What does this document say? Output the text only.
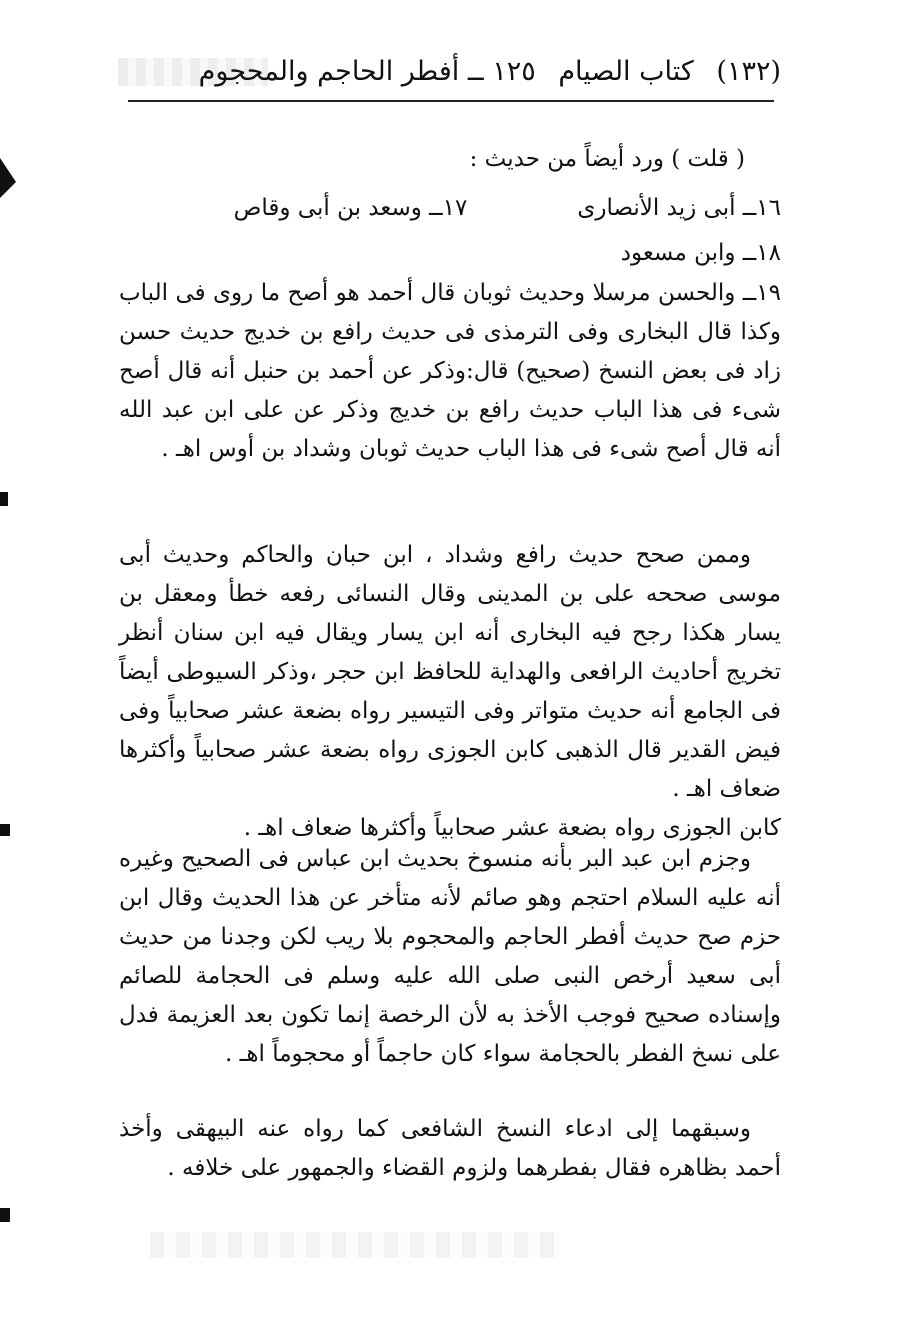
(١٣٢) كتاب الصيام ١٢٥ ــ أفطر الحاجم والمحجوم

( قلت ) ورد أيضاً من حديث :

١٦ــ أبى زيد الأنصارى
١٧ــ وسعد بن أبى وقاص

١٨ــ وابن مسعود

١٩ــ والحسن مرسلا وحديث ثوبان قال أحمد هو أصح ما روى فى الباب وكذا قال البخارى وفى الترمذى فى حديث رافع بن خديج حديث حسن زاد فى بعض النسخ (صحيح) قال:وذكر عن أحمد بن حنبل أنه قال أصح شىء فى هذا الباب حديث رافع بن خديج وذكر عن على ابن عبد الله أنه قال أصح شىء فى هذا الباب حديث ثوبان وشداد بن أوس اهـ .

وممن صحح حديث رافع وشداد ، ابن حبان والحاكم وحديث أبى موسى صححه على بن المدينى وقال النسائى رفعه خطأ ومعقل بن يسار هكذا رجح فيه البخارى أنه ابن يسار ويقال فيه ابن سنان أنظر تخريج أحاديث الرافعى والهداية للحافظ ابن حجر ،وذكر السيوطى أيضاً فى الجامع أنه حديث متواتر وفى التيسير رواه بضعة عشر صحابياً وفى فيض القدير قال الذهبى كابن الجوزى رواه بضعة عشر صحابياً وأكثرها ضعاف اهـ .

كابن الجوزى رواه بضعة عشر صحابياً وأكثرها ضعاف اهـ .

وجزم ابن عبد البر بأنه منسوخ بحديث ابن عباس فى الصحيح وغيره أنه عليه السلام احتجم وهو صائم لأنه متأخر عن هذا الحديث وقال ابن حزم صح حديث أفطر الحاجم والمحجوم بلا ريب لكن وجدنا من حديث أبى سعيد أرخص النبى صلى الله عليه وسلم فى الحجامة للصائم وإسناده صحيح فوجب الأخذ به لأن الرخصة إنما تكون بعد العزيمة فدل على نسخ الفطر بالحجامة سواء كان حاجماً أو محجوماً اهـ .

وسبقهما إلى ادعاء النسخ الشافعى كما رواه عنه البيهقى وأخذ أحمد بظاهره فقال بفطرهما ولزوم القضاء والجمهور على خلافه .
